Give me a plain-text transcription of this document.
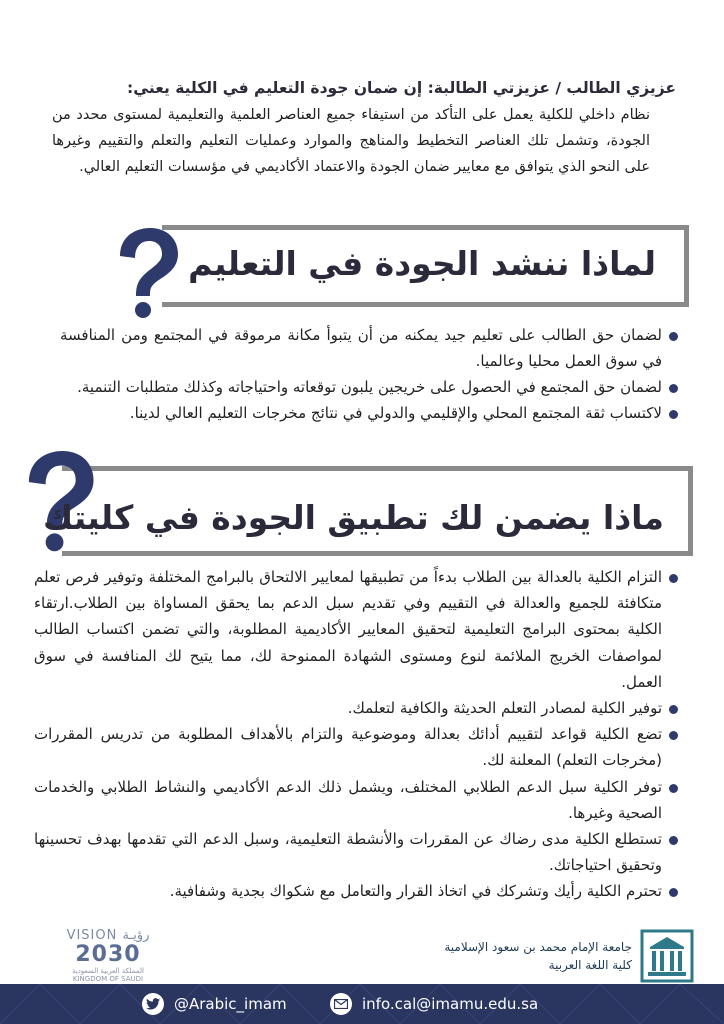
عزيزي الطالب / عزيزتي الطالبة: إن ضمان جودة التعليم في الكلية يعني:

نظام داخلي للكلية يعمل على التأكد من استيفاء جميع العناصر العلمية والتعليمية لمستوى محدد من الجودة، وتشمل تلك العناصر التخطيط والمناهج والموارد وعمليات التعليم والتعلم والتقييم وغيرها على النحو الذي يتوافق مع معايير ضمان الجودة والاعتماد الأكاديمي في مؤسسات التعليم العالي.

لماذا ننشد الجودة في التعليم
لضمان حق الطالب على تعليم جيد يمكنه من أن يتبوأ مكانة مرموقة في المجتمع ومن المنافسة في سوق العمل محليا وعالميا.
لضمان حق المجتمع في الحصول على خريجين يلبون توقعاته واحتياجاته وكذلك متطلبات التنمية.
لاكتساب ثقة المجتمع المحلي والإقليمي والدولي في نتائج مخرجات التعليم العالي لدينا.
ماذا يضمن لك تطبيق الجودة في كليتك
التزام الكلية بالعدالة بين الطلاب بدءاً من تطبيقها لمعايير الالتحاق بالبرامج المختلفة وتوفير فرص تعلم متكافئة للجميع والعدالة في التقييم وفي تقديم سبل الدعم بما يحقق المساواة بين الطلاب.ارتقاء الكلية بمحتوى البرامج التعليمية لتحقيق المعايير الأكاديمية المطلوبة، والتي تضمن اكتساب الطالب لمواصفات الخريج الملائمة لنوع ومستوى الشهادة الممنوحة لك، مما يتيح لك المنافسة في سوق العمل.
توفير الكلية لمصادر التعلم الحديثة والكافية لتعلمك.
تضع الكلية قواعد لتقييم أدائك بعدالة وموضوعية والتزام بالأهداف المطلوبة من تدريس المقررات (مخرجات التعلم) المعلنة لك.
توفر الكلية سبل الدعم الطلابي المختلف، ويشمل ذلك الدعم الأكاديمي والنشاط الطلابي والخدمات الصحية وغيرها.
تستطلع الكلية مدى رضاك عن المقررات والأنشطة التعليمية، وسبل الدعم التي تقدمها بهدف تحسينها وتحقيق احتياجاتك.
تحترم الكلية رأيك وتشركك في اتخاذ القرار والتعامل مع شكواك بجدية وشفافية.
VISION رؤيـة
2030
المملكة العربية السعودية
KINGDOM OF SAUDI
جامعة الإمام محمد بن سعود الإسلامية
كلية اللغة العربية
@Arabic_imam	info.cal@imamu.edu.sa
